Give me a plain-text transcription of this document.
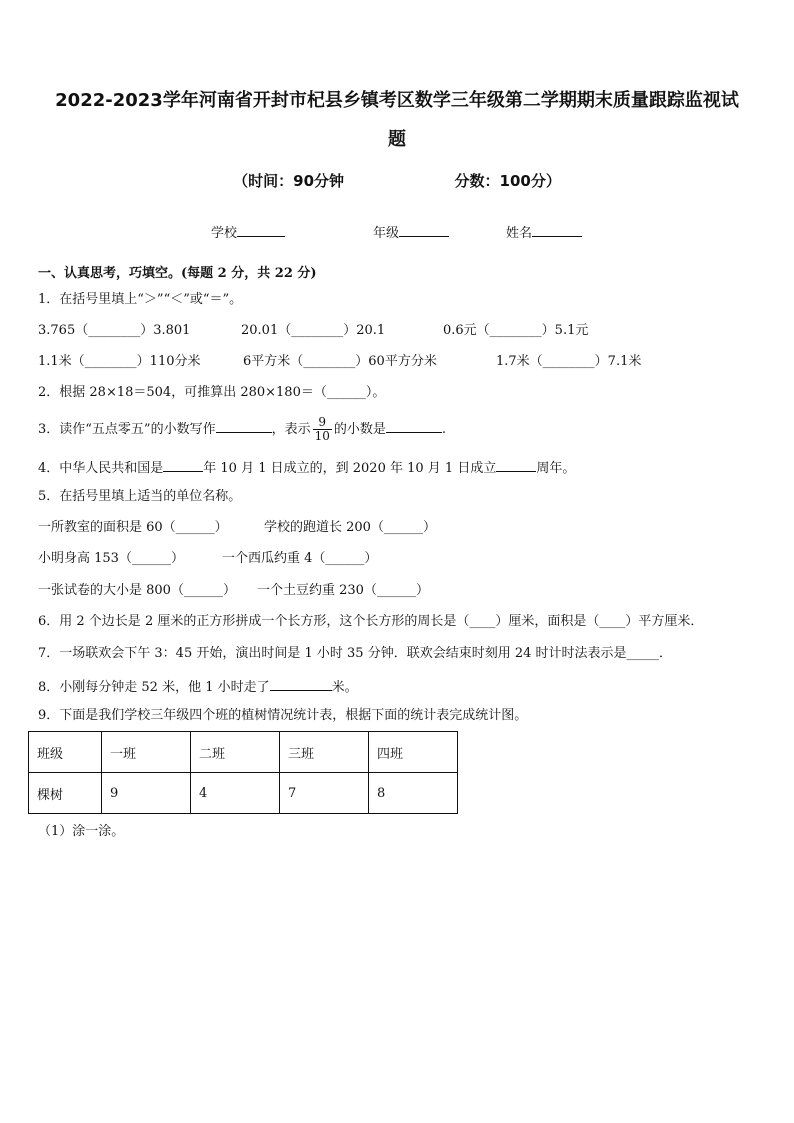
2022-2023学年河南省开封市杞县乡镇考区数学三年级第二学期期末质量跟踪监视试
题
（时间：90分钟	分数：100分）
学校	年级	姓名
一、认真思考，巧填空。(每题 2 分，共 22 分)
1．在括号里填上“＞”“＜”或“＝”。
3.765（________）3.801	20.01（________）20.1	0.6元（________）5.1元
1.1米（________）110分米	6平方米（________）60平方分米	1.7米（________）7.1米
2．根据 28×18＝504，可推算出 280×180＝（______）。
3．读作“五点零五”的小数写作	，表示 $\frac{9}{10}$ 的小数是	.
4．中华人民共和国是	年 10 月 1 日成立的，到 2020 年 10 月 1 日成立	周年。
5．在括号里填上适当的单位名称。
一所教室的面积是 60（______）	学校的跑道长 200（______）
小明身高 153（______）	一个西瓜约重 4（______）
一张试卷的大小是 800（______） 一个土豆约重 230（______）
6．用 2 个边长是 2 厘米的正方形拼成一个长方形，这个长方形的周长是（____）厘米，面积是（____）平方厘米．
7．一场联欢会下午 3：45 开始，演出时间是 1 小时 35 分钟．联欢会结束时刻用 24 时计时法表示是_____．
8．小刚每分钟走 52 米，他 1 小时走了	米。
9．下面是我们学校三年级四个班的植树情况统计表，根据下面的统计表完成统计图。
班级	一班	二班	三班	四班
棵树	9	4	7	8
（1）涂一涂。
